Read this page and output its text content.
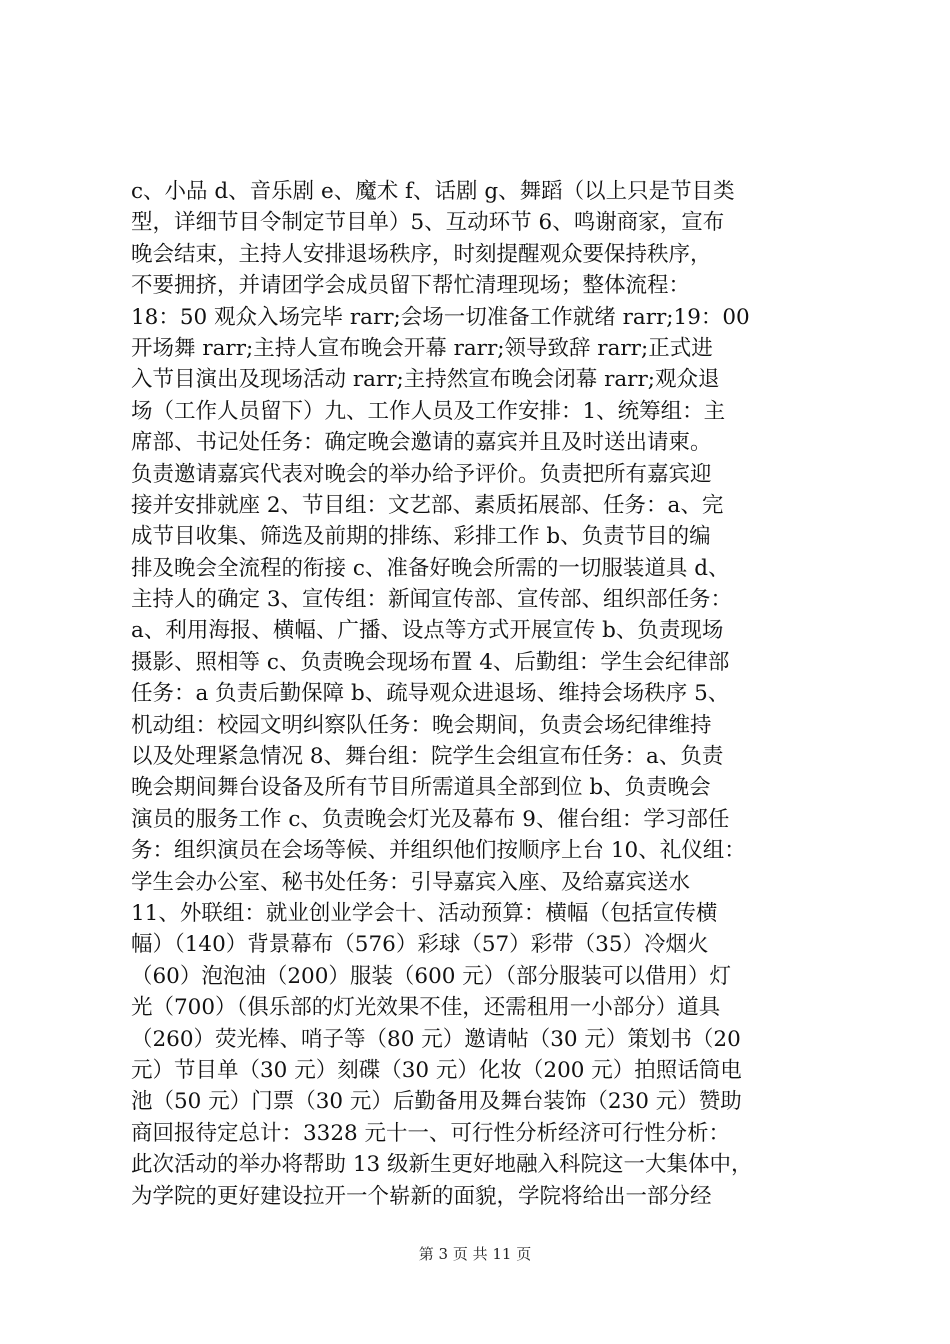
c、小品 d、音乐剧 e、魔术 f、话剧 g、舞蹈（以上只是节目类
型，详细节目令制定节目单）5、互动环节 6、鸣谢商家，宣布
晚会结束，主持人安排退场秩序，时刻提醒观众要保持秩序，
不要拥挤，并请团学会成员留下帮忙清理现场；整体流程：
18：50 观众入场完毕 rarr;会场一切准备工作就绪 rarr;19：00
开场舞 rarr;主持人宣布晚会开幕 rarr;领导致辞 rarr;正式进
入节目演出及现场活动 rarr;主持然宣布晚会闭幕 rarr;观众退
场（工作人员留下）九、工作人员及工作安排：1、统筹组：主
席部、书记处任务：确定晚会邀请的嘉宾并且及时送出请柬。
负责邀请嘉宾代表对晚会的举办给予评价。负责把所有嘉宾迎
接并安排就座 2、节目组：文艺部、素质拓展部、任务：a、完
成节目收集、筛选及前期的排练、彩排工作 b、负责节目的编
排及晚会全流程的衔接 c、准备好晚会所需的一切服装道具 d、
主持人的确定 3、宣传组：新闻宣传部、宣传部、组织部任务：
a、利用海报、横幅、广播、设点等方式开展宣传 b、负责现场
摄影、照相等 c、负责晚会现场布置 4、后勤组：学生会纪律部
任务：a 负责后勤保障 b、疏导观众进退场、维持会场秩序 5、
机动组：校园文明纠察队任务：晚会期间，负责会场纪律维持
以及处理紧急情况 8、舞台组：院学生会组宣布任务：a、负责
晚会期间舞台设备及所有节目所需道具全部到位 b、负责晚会
演员的服务工作 c、负责晚会灯光及幕布 9、催台组：学习部任
务：组织演员在会场等候、并组织他们按顺序上台 10、礼仪组：
学生会办公室、秘书处任务：引导嘉宾入座、及给嘉宾送水
11、外联组：就业创业学会十、活动预算：横幅（包括宣传横
幅）（140）背景幕布（576）彩球（57）彩带（35）冷烟火
（60）泡泡油（200）服装（600 元）（部分服装可以借用）灯
光（700）（俱乐部的灯光效果不佳，还需租用一小部分）道具
（260）荧光棒、哨子等（80 元）邀请帖（30 元）策划书（20
元）节目单（30 元）刻碟（30 元）化妆（200 元）拍照话筒电
池（50 元）门票（30 元）后勤备用及舞台装饰（230 元）赞助
商回报待定总计：3328 元十一、可行性分析经济可行性分析：
此次活动的举办将帮助 13 级新生更好地融入科院这一大集体中，
为学院的更好建设拉开一个崭新的面貌，学院将给出一部分经
第 3 页 共 11 页
